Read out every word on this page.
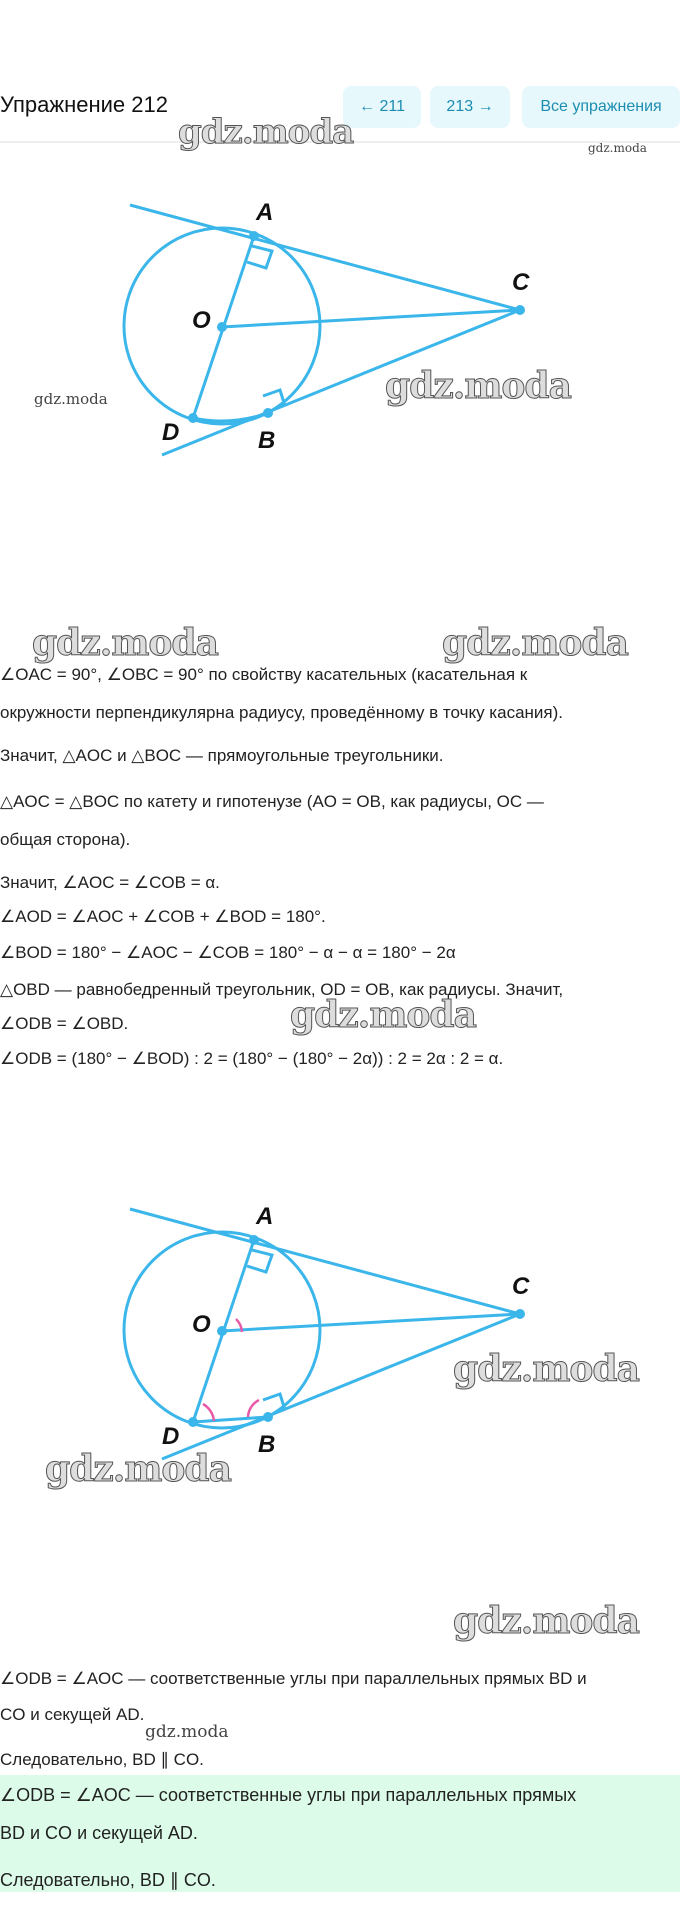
Упражнение 212	← 211	213 →	Все упражнения
A
O
C
D	B
A
O
C
D	B
∠OAC = 90°, ∠OBC = 90° по свойству касательных (касательная к
окружности перпендикулярна радиусу, проведённому в точку касания).
Значит, △AOC и △BOC — прямоугольные треугольники.
△AOC = △BOC по катету и гипотенузе (AO = OB, как радиусы, OC —
общая сторона).
Значит, ∠AOC = ∠COB = α.
∠AOD = ∠AOC + ∠COB + ∠BOD = 180°.
∠BOD = 180° − ∠AOC − ∠COB = 180° − α − α = 180° − 2α
△OBD — равнобедренный треугольник, OD = OB, как радиусы. Значит,
∠ODB = ∠OBD.
∠ODB = (180° − ∠BOD) : 2 = (180° − (180° − 2α)) : 2 = 2α : 2 = α.
∠ODB = ∠AOC — соответственные углы при параллельных прямых BD и
CO и секущей AD.
Следовательно, BD ∥ CO.
∠ODB = ∠AOC — соответственные углы при параллельных прямых
BD и CO и секущей AD.
Следовательно, BD ∥ CO.
gdz.moda	gdz.moda
gdz.moda	gdz.moda
gdz.moda	gdz.moda
gdz.moda
gdz.moda
gdz.moda
gdz.moda
gdz.moda
